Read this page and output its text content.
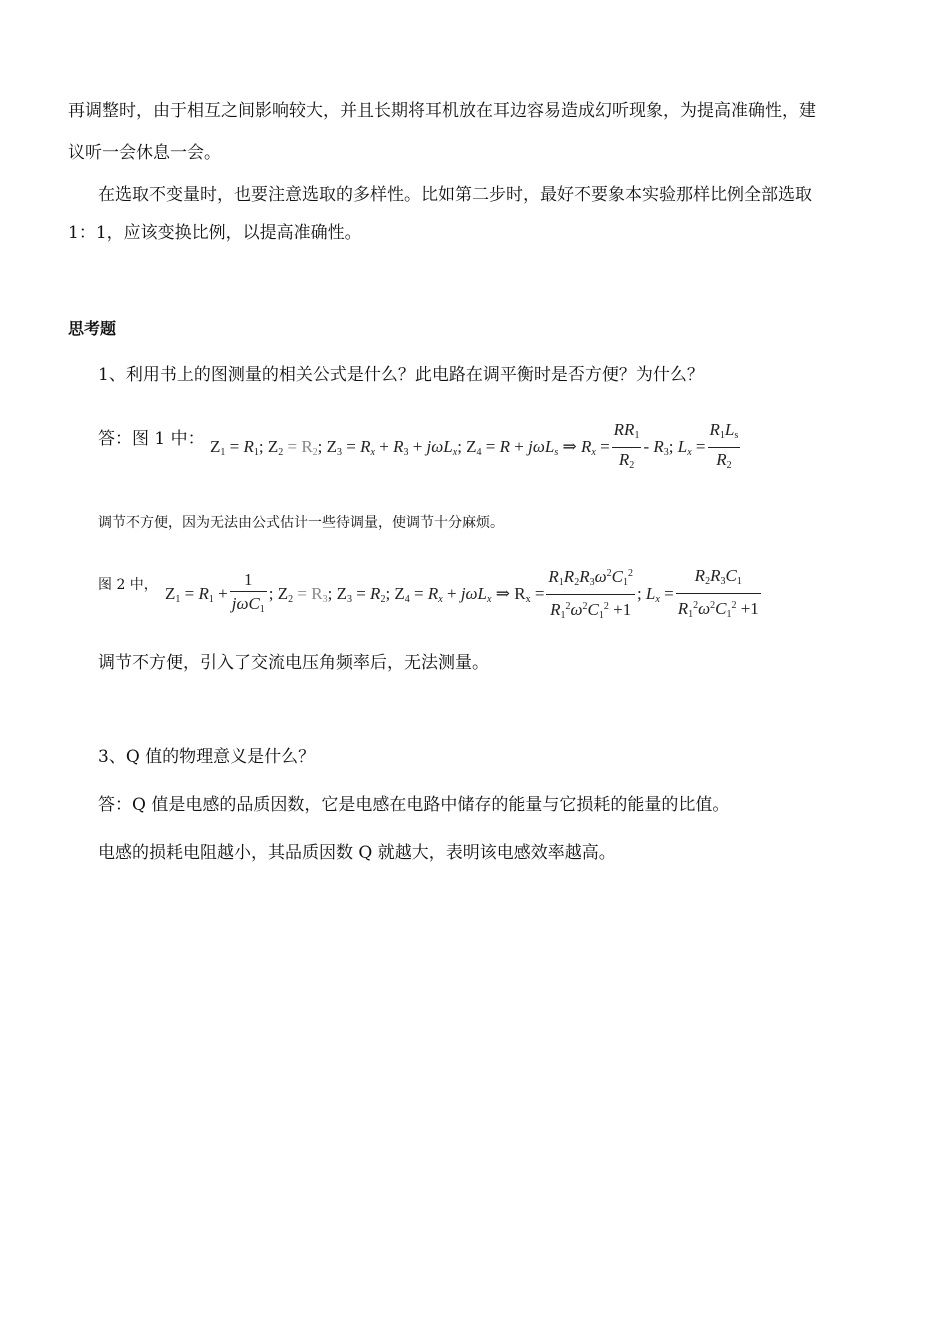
再调整时，由于相互之间影响较大，并且长期将耳机放在耳边容易造成幻听现象，为提高准确性，建
议听一会休息一会。
在选取不变量时，也要注意选取的多样性。比如第二步时，最好不要象本实验那样比例全部选取
1：1，应该变换比例，以提高准确性。
思考题
1、利用书上的图测量的相关公式是什么？此电路在调平衡时是否方便？为什么？
答：图 1 中： $Z_1 = R_1$; $Z_2 = R_2$; $Z_3 = R_x + R_3 + j\omega L_x$; $Z_4 = R + j\omega L_s$ ⇒ $R_x = \frac{RR_1}{R_2} - R_3$; $L_x = \frac{R_1L_s}{R_2}$
调节不方便，因为无法由公式估计一些待调量，使调节十分麻烦。
图 2 中， $Z_1 = R_1 + \frac{1}{j\omega C_1}$ ; $Z_2 = R_3$; $Z_3 = R_2$; $Z_4 = R_x + j\omega L_x$ ⇒ $R_x = \frac{R_1R_2R_3\omega^2C_1^2}{R_1^2\omega^2C_1^2 +1}$ ; $L_x = \frac{R_2R_3C_1}{R_1^2\omega^2C_1^2 +1}$
调节不方便，引入了交流电压角频率后，无法测量。
3、Q 值的物理意义是什么？
答：Q 值是电感的品质因数，它是电感在电路中储存的能量与它损耗的能量的比值。
电感的损耗电阻越小，其品质因数 Q 就越大，表明该电感效率越高。
